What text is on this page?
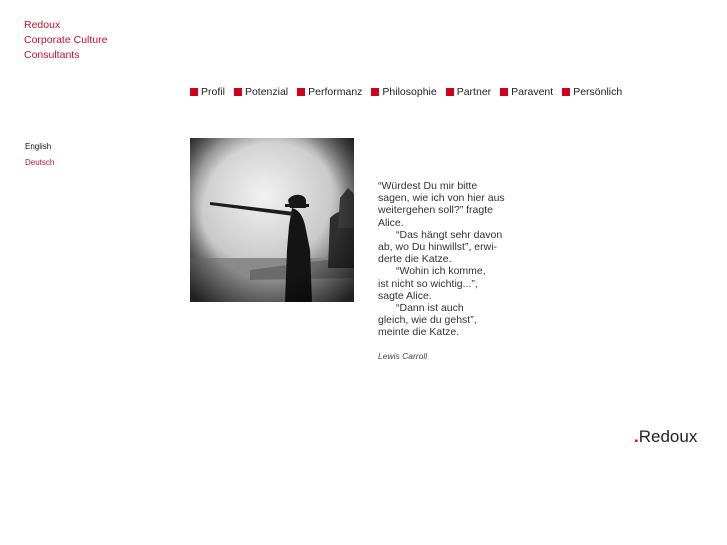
Redoux
Corporate Culture
Consultants
Profil Potenzial Performanz Philosophie Partner Paravent Persönlich
English
Deutsch

“Würdest Du mir bitte

sagen, wie ich von hier aus

weitergehen soll?” fragte

Alice.

“Das hängt sehr davon

ab, wo Du hinwillst”, erwi-

derte die Katze.

“Wohin ich komme,

ist nicht so wichtig...”,

sagte Alice.

“Dann ist auch

gleich, wie du gehst”,

meinte die Katze.

Lewis Carroll
.Redoux
